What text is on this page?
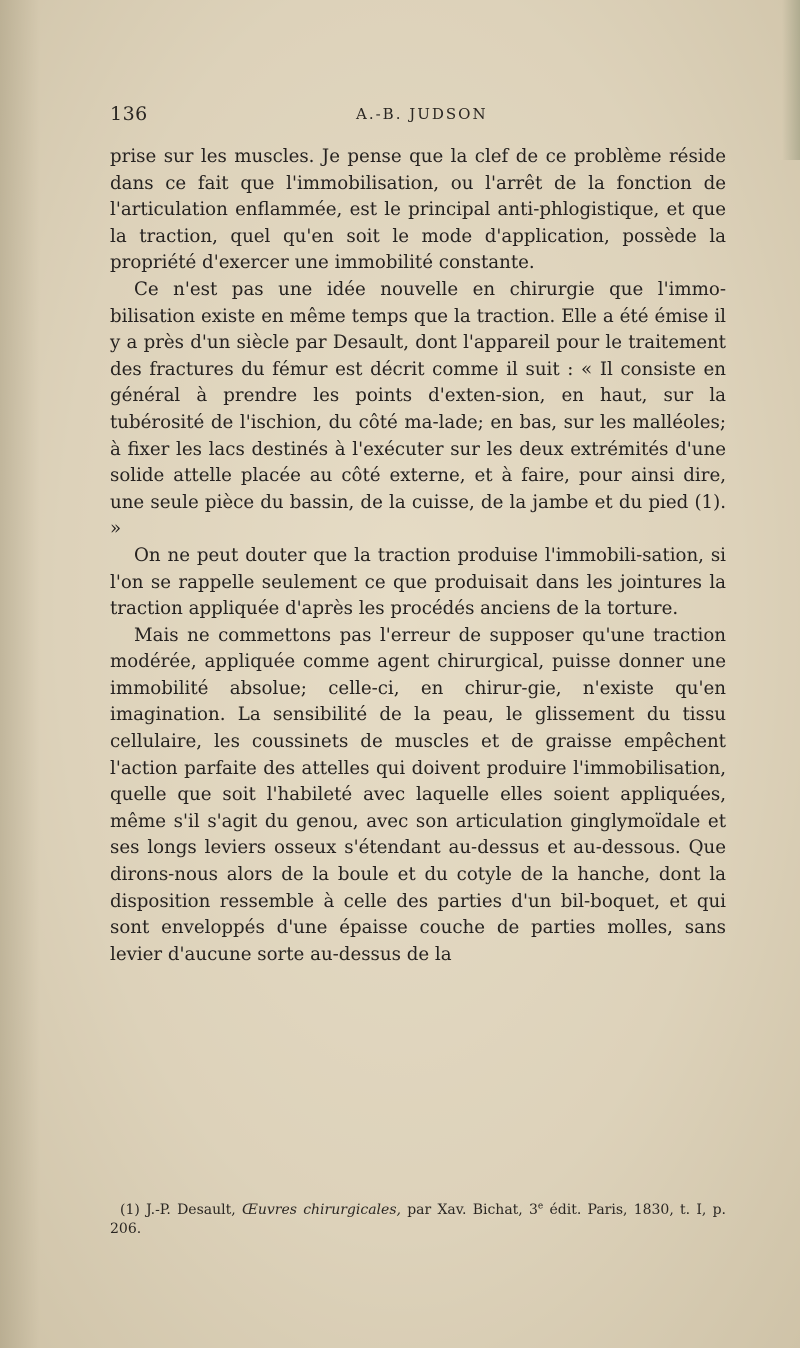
136	A.-B. JUDSON

prise sur les muscles. Je pense que la clef de ce problème réside dans ce fait que l'immobilisation, ou l'arrêt de la fonction de l'articulation enflammée, est le principal anti-phlogistique, et que la traction, quel qu'en soit le mode d'application, possède la propriété d'exercer une immobilité constante.

Ce n'est pas une idée nouvelle en chirurgie que l'immo-bilisation existe en même temps que la traction. Elle a été émise il y a près d'un siècle par Desault, dont l'appareil pour le traitement des fractures du fémur est décrit comme il suit : « Il consiste en général à prendre les points d'exten-sion, en haut, sur la tubérosité de l'ischion, du côté ma-lade; en bas, sur les malléoles; à fixer les lacs destinés à l'exécuter sur les deux extrémités d'une solide attelle placée au côté externe, et à faire, pour ainsi dire, une seule pièce du bassin, de la cuisse, de la jambe et du pied (1). »

On ne peut douter que la traction produise l'immobili-sation, si l'on se rappelle seulement ce que produisait dans les jointures la traction appliquée d'après les procédés anciens de la torture.

Mais ne commettons pas l'erreur de supposer qu'une traction modérée, appliquée comme agent chirurgical, puisse donner une immobilité absolue; celle-ci, en chirur-gie, n'existe qu'en imagination. La sensibilité de la peau, le glissement du tissu cellulaire, les coussinets de muscles et de graisse empêchent l'action parfaite des attelles qui doivent produire l'immobilisation, quelle que soit l'habileté avec laquelle elles soient appliquées, même s'il s'agit du genou, avec son articulation ginglymoïdale et ses longs leviers osseux s'étendant au-dessus et au-dessous. Que dirons-nous alors de la boule et du cotyle de la hanche, dont la disposition ressemble à celle des parties d'un bil-boquet, et qui sont enveloppés d'une épaisse couche de parties molles, sans levier d'aucune sorte au-dessus de la

(1) J.-P. Desault, Œuvres chirurgicales, par Xav. Bichat, 3e édit. Paris, 1830, t. I, p. 206.
